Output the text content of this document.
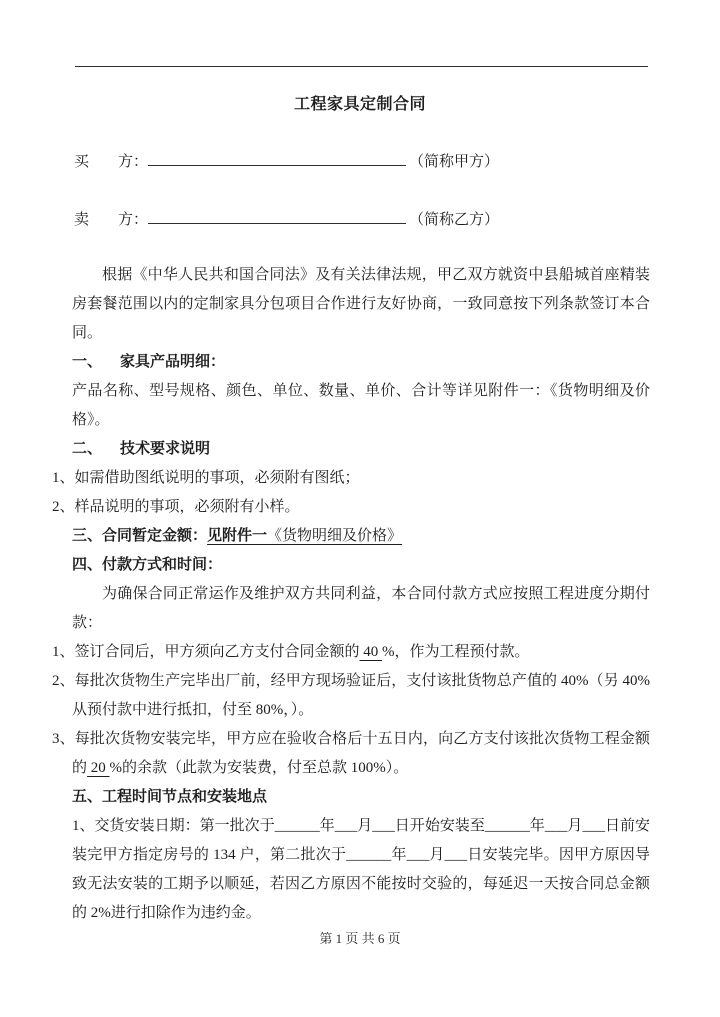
工程家具定制合同
买 方：	（简称甲方）
卖 方：	（简称乙方）

根据《中华人民共和国合同法》及有关法律法规，甲乙双方就资中县船城首座精装房套餐范围以内的定制家具分包项目合作进行友好协商，一致同意按下列条款签订本合同。

一、 家具产品明细：

产品名称、型号规格、颜色、单位、数量、单价、合计等详见附件一：《货物明细及价格》。

二、 技术要求说明

1、如需借助图纸说明的事项，必须附有图纸；

2、样品说明的事项，必须附有小样。

三、合同暂定金额：见附件一《货物明细及价格》

四、付款方式和时间：

为确保合同正常运作及维护双方共同利益，本合同付款方式应按照工程进度分期付款：

1、签订合同后，甲方须向乙方支付合同金额的 40 %，作为工程预付款。

2、每批次货物生产完毕出厂前，经甲方现场验证后，支付该批货物总产值的 40%（另 40%从预付款中进行抵扣，付至 80%，）。

3、每批次货物安装完毕，甲方应在验收合格后十五日内，向乙方支付该批次货物工程金额的 20 %的余款（此款为安装费，付至总款 100%）。

五、工程时间节点和安装地点

1、交货安装日期：第一批次于______年___月___日开始安装至______年___月___日前安装完甲方指定房号的 134 户，第二批次于______年___月___日安装完毕。因甲方原因导致无法安装的工期予以顺延，若因乙方原因不能按时交验的，每延迟一天按合同总金额的 2%进行扣除作为违约金。

第 1 页 共 6 页
